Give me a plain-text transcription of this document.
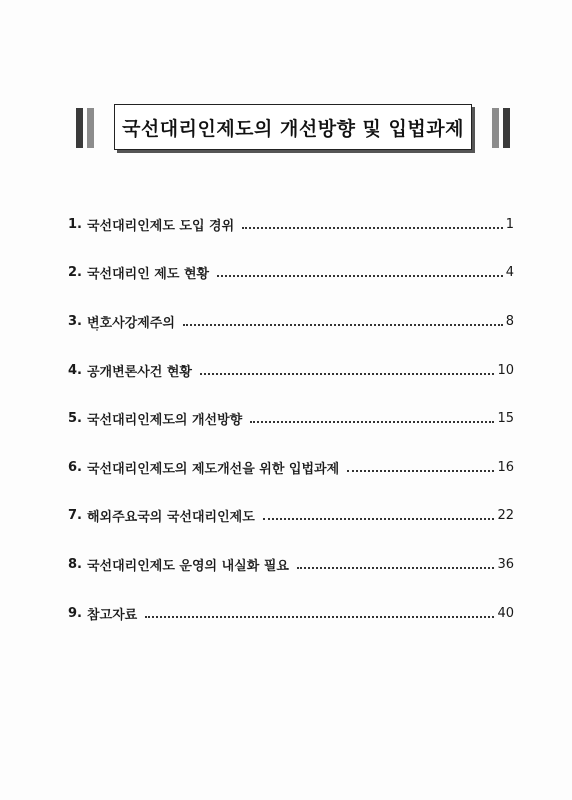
국선대리인제도의 개선방향 및 입법과제
1. 국선대리인제도 도입 경위	1
2. 국선대리인 제도 현황	4
3. 변호사강제주의	8
4. 공개변론사건 현황	10
5. 국선대리인제도의 개선방향	15
6. 국선대리인제도의 제도개선을 위한 입법과제	16
7. 해외주요국의 국선대리인제도	22
8. 국선대리인제도 운영의 내실화 필요	36
9. 참고자료	40
